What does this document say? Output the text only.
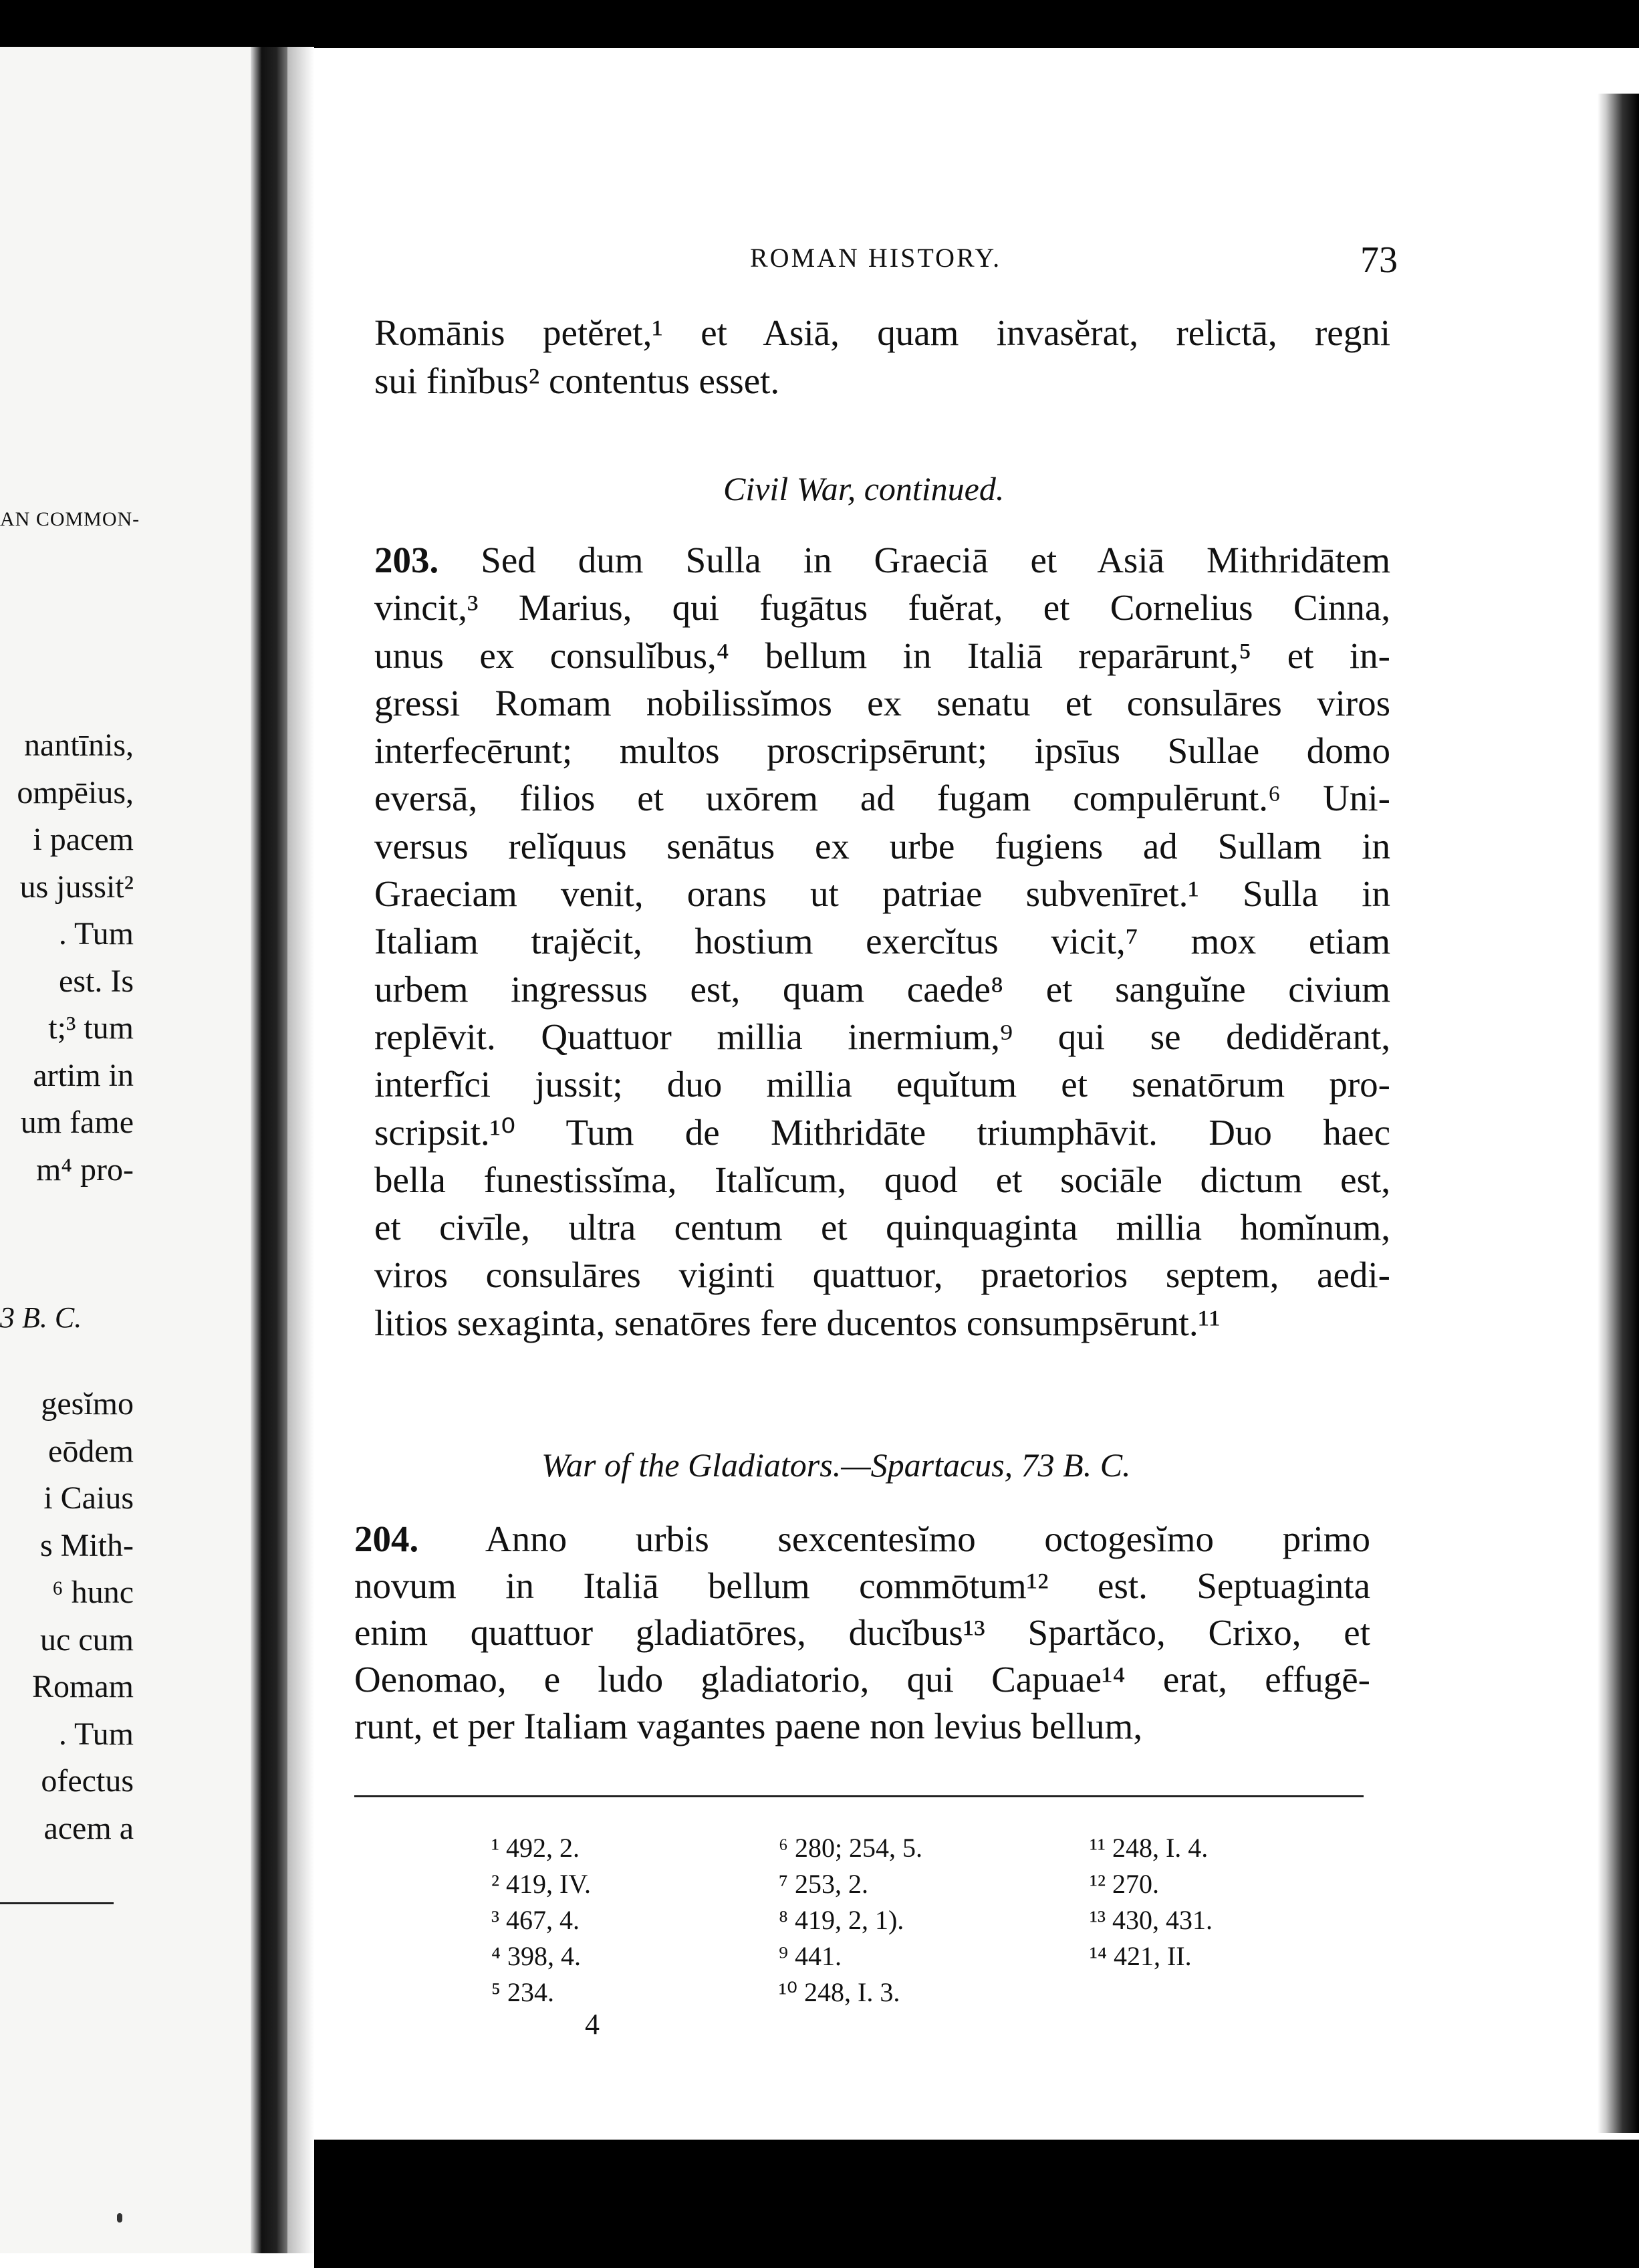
AN COMMON-
nantīnis,
ompēius,
i pacem
us jussit²
. Tum
est. Is
t;³ tum
artim in
um fame
m⁴ pro-
3 B. C.
gesĭmo
eōdem
i Caius
s Mith-
⁶ hunc
uc cum
Romam
. Tum
ofectus
acem a
ROMAN HISTORY.	73
Romānis petĕret,¹ et Asiā, quam invasĕrat, relictā, regni
sui finĭbus² contentus esset.
Civil War, continued.
203. Sed dum Sulla in Graeciā et Asiā Mithridātem
vincit,³ Marius, qui fugātus fuĕrat, et Cornelius Cinna,
unus ex consulĭbus,⁴ bellum in Italiā reparārunt,⁵ et in-
gressi Romam nobilissĭmos ex senatu et consulāres viros
interfecērunt; multos proscripsērunt; ipsīus Sullae domo
eversā, filios et uxōrem ad fugam compulērunt.⁶ Uni-
versus relĭquus senātus ex urbe fugiens ad Sullam in
Graeciam venit, orans ut patriae subvenīret.¹ Sulla in
Italiam trajĕcit, hostium exercĭtus vicit,⁷ mox etiam
urbem ingressus est, quam caede⁸ et sanguĭne civium
replēvit. Quattuor millia inermium,⁹ qui se dedidĕrant,
interfĭci jussit; duo millia equĭtum et senatōrum pro-
scripsit.¹⁰ Tum de Mithridāte triumphāvit. Duo haec
bella funestissĭma, Italĭcum, quod et sociāle dictum est,
et civīle, ultra centum et quinquaginta millia homĭnum,
viros consulāres viginti quattuor, praetorios septem, aedi-
litios sexaginta, senatōres fere ducentos consumpsērunt.¹¹
War of the Gladiators.—Spartacus, 73 B. C.
204. Anno urbis sexcentesĭmo octogesĭmo primo
novum in Italiā bellum commōtum¹² est. Septuaginta
enim quattuor gladiatōres, ducĭbus¹³ Spartăco, Crixo, et
Oenomao, e ludo gladiatorio, qui Capuae¹⁴ erat, effugē-
runt, et per Italiam vagantes paene non levius bellum,
¹ 492, 2.
² 419, IV.
³ 467, 4.
⁴ 398, 4.
⁵ 234.
⁶ 280; 254, 5.
⁷ 253, 2.
⁸ 419, 2, 1).
⁹ 441.
¹⁰ 248, I. 3.
¹¹ 248, I. 4.
¹² 270.
¹³ 430, 431.
¹⁴ 421, II.
4
